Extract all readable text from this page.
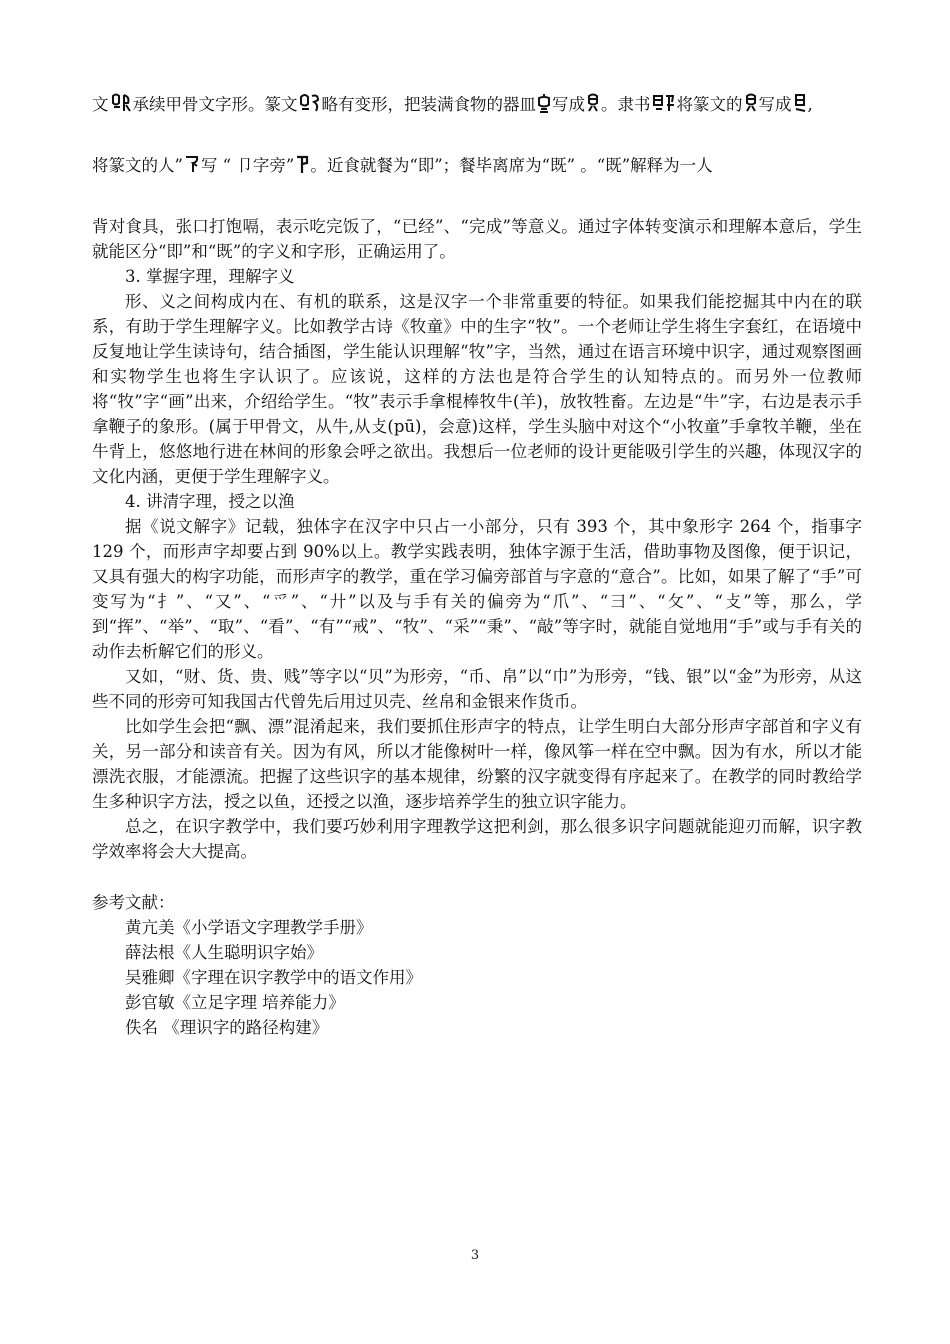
文 承续甲骨文字形。篆文 略有变形，把装满食物的器皿 写成 。隶书 将篆文的 写成 ,

将篆文的人” 写 “ 卩字旁” 。近食就餐为“即”；餐毕离席为“既” 。“既”解释为一人

背对食具，张口打饱嗝，表示吃完饭了，“已经”、“完成”等意义。通过字体转变演示和理解本意后，学生就能区分“即”和“既”的字义和字形，正确运用了。

3. 掌握字理，理解字义

形、义之间构成内在、有机的联系，这是汉字一个非常重要的特征。如果我们能挖掘其中内在的联系，有助于学生理解字义。比如教学古诗《牧童》中的生字“牧”。一个老师让学生将生字套红，在语境中反复地让学生读诗句，结合插图，学生能认识理解“牧”字，当然，通过在语言环境中识字，通过观察图画和实物学生也将生字认识了。应该说，这样的方法也是符合学生的认知特点的。而另外一位教师将“牧”字“画”出来，介绍给学生。“牧”表示手拿棍棒牧牛(羊)，放牧牲畜。左边是“牛”字，右边是表示手拿鞭子的象形。(属于甲骨文，从牛,从攴(pū)，会意)这样，学生头脑中对这个“小牧童”手拿牧羊鞭，坐在牛背上，悠悠地行进在林间的形象会呼之欲出。我想后一位老师的设计更能吸引学生的兴趣，体现汉字的文化内涵，更便于学生理解字义。

4. 讲清字理，授之以渔

据《说文解字》记载，独体字在汉字中只占一小部分，只有 393 个，其中象形字 264 个，指事字 129 个，而形声字却要占到 90%以上。教学实践表明，独体字源于生活，借助事物及图像，便于识记，又具有强大的构字功能，而形声字的教学，重在学习偏旁部首与字意的“意合”。比如，如果了解了“手”可变写为“扌”、“又”、“爫”、“廾”以及与手有关的偏旁为“爪”、“彐”、“攵”、“攴”等，那么，学到“挥”、“举”、“取”、“看”、“有”“戒”、“牧”、“采”“秉”、“敲”等字时，就能自觉地用“手”或与手有关的动作去析解它们的形义。

又如，“财、货、贵、贱”等字以“贝”为形旁，“币、帛”以“巾”为形旁，“钱、银”以“金”为形旁，从这些不同的形旁可知我国古代曾先后用过贝壳、丝帛和金银来作货币。

比如学生会把“飘、漂”混淆起来，我们要抓住形声字的特点，让学生明白大部分形声字部首和字义有关，另一部分和读音有关。因为有风，所以才能像树叶一样，像风筝一样在空中飘。因为有水，所以才能漂洗衣服，才能漂流。把握了这些识字的基本规律，纷繁的汉字就变得有序起来了。在教学的同时教给学生多种识字方法，授之以鱼，还授之以渔，逐步培养学生的独立识字能力。

总之，在识字教学中，我们要巧妙利用字理教学这把利剑，那么很多识字问题就能迎刃而解，识字教学效率将会大大提高。

参考文献：

黄亢美《小学语文字理教学手册》

薛法根《人生聪明识字始》

吴雅卿《字理在识字教学中的语文作用》

彭官敏《立足字理 培养能力》

佚名 《理识字的路径构建》

3
